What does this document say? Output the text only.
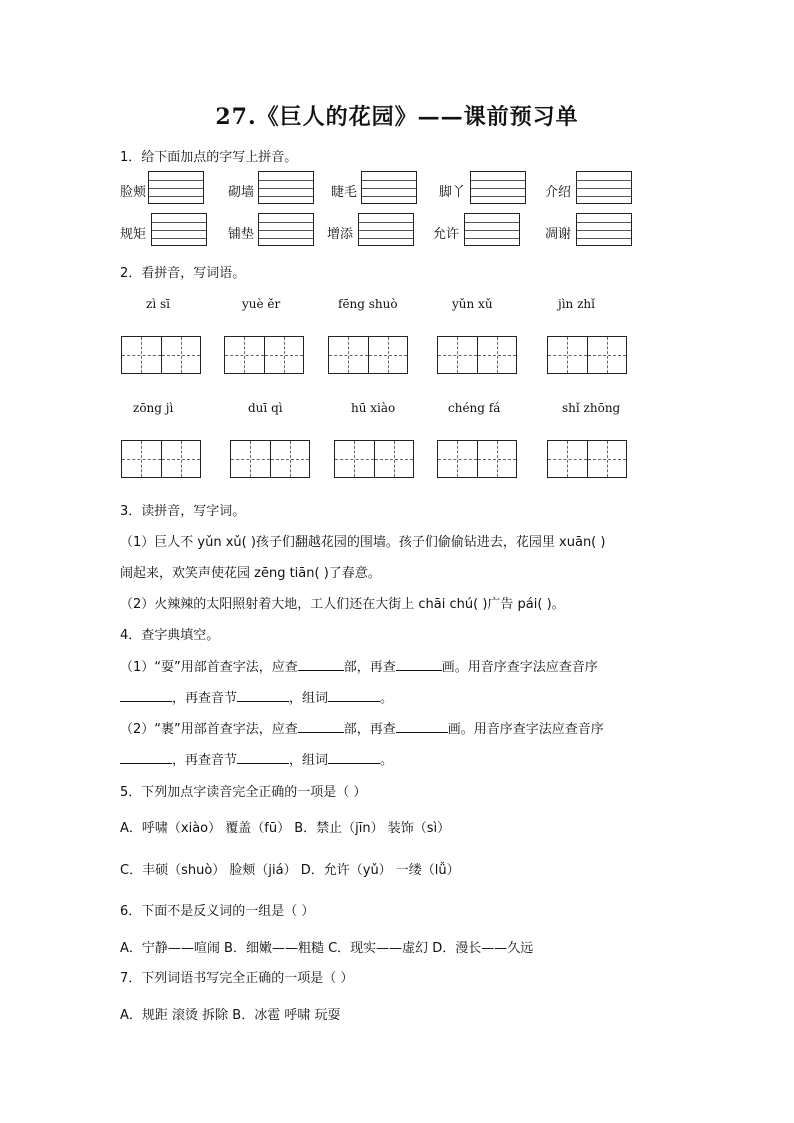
27.《巨人的花园》——课前预习单
1．给下面加点的字写上拼音。
脸颊	砌墙	睫毛	脚丫	介绍
规矩	铺垫	增添	允许	凋谢
2．看拼音，写词语。
zì sī	yuè ěr	fēng shuò	yǔn xǔ	jìn zhǐ
zōng jì	duī qì	hū xiào	chéng fá	shǐ zhōng
3．读拼音，写字词。
（1）巨人不 yǔn xǔ( )孩子们翻越花园的围墙。孩子们偷偷钻进去，花园里 xuān( )
闹起来，欢笑声使花园 zēng tiān( )了春意。
（2）火辣辣的太阳照射着大地，工人们还在大街上 chāi chú( )广告 pái( )。
4．查字典填空。
（1）“耍”用部首查字法，应查	部，再查	画。用音序查字法应查音序
，再查音节	，组词	。
（2）“裹”用部首查字法，应查	部，再查	画。用音序查字法应查音序
，再查音节	，组词	。
5．下列加点字读音完全正确的一项是（ ）
A．呼啸（xiào） 覆盖（fū） B．禁止（jīn） 装饰（sì）
C．丰硕（shuò） 脸颊（jiá） D．允许（yǔ） 一缕（lǚ）
6．下面不是反义词的一组是（ ）
A．宁静——喧闹 B．细嫩——粗糙 C．现实——虚幻 D．漫长——久远
7．下列词语书写完全正确的一项是（ ）
A．规距 滚烫 拆除 B．冰雹 呼啸 玩耍
